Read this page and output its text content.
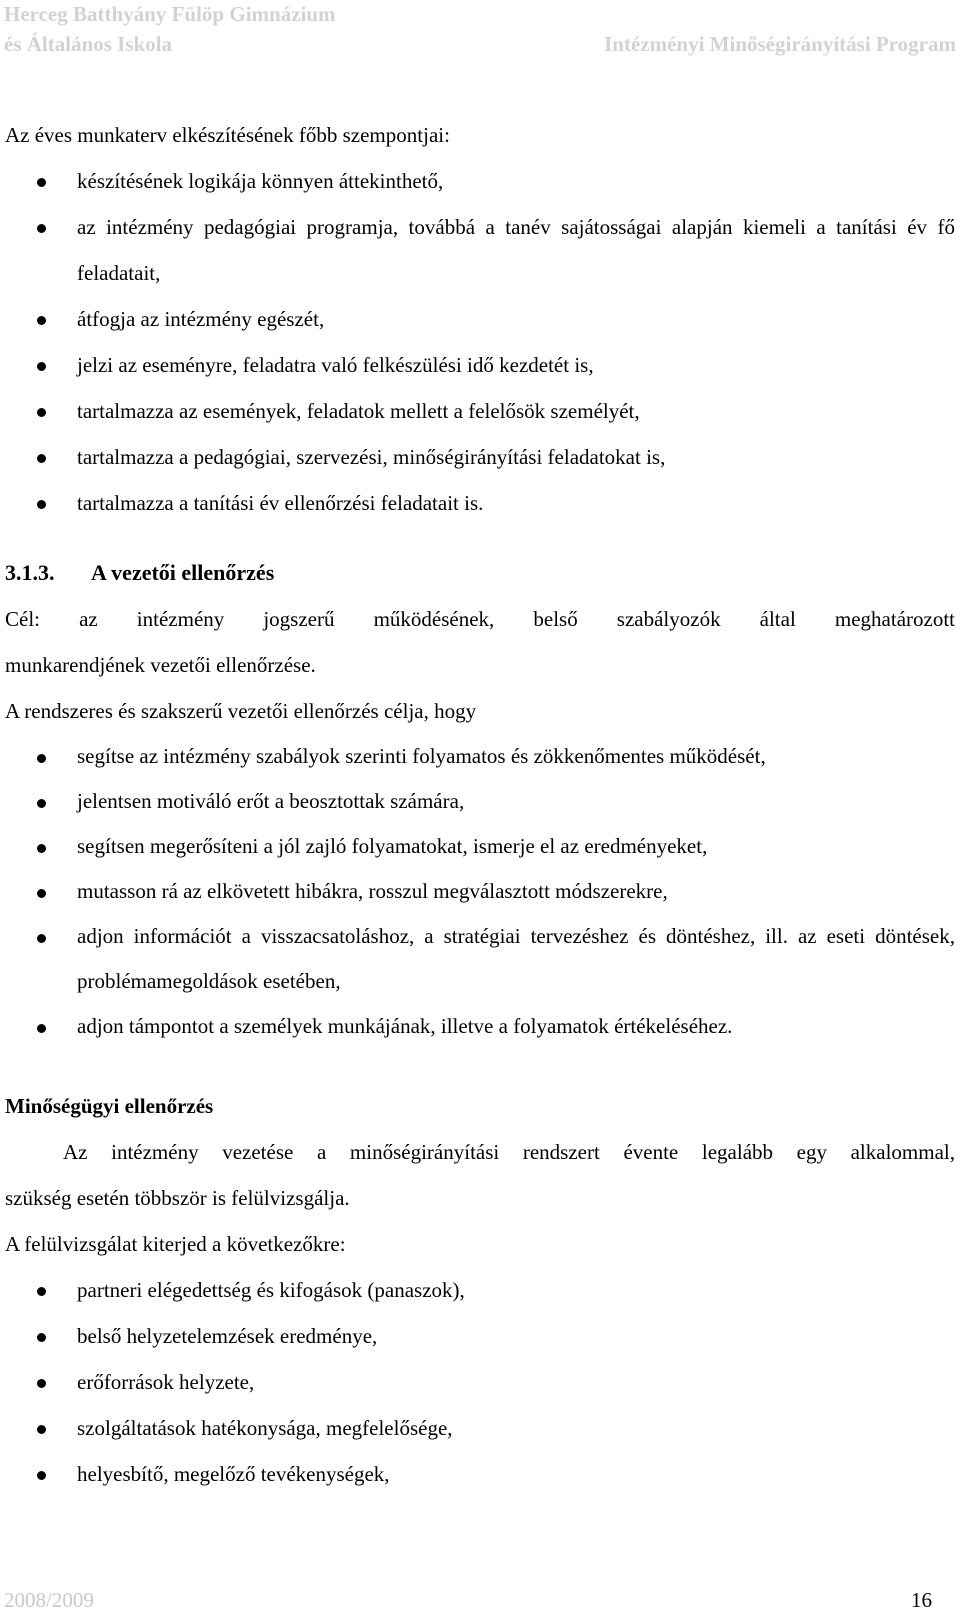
Herceg Batthyány Fülöp Gimnázium
és Általános Iskola	Intézményi Minőségirányítási Program

Az éves munkaterv elkészítésének főbb szempontjai:

készítésének logikája könnyen áttekinthető,
az intézmény pedagógiai programja, továbbá a tanév sajátosságai alapján kiemeli a tanítási év fő feladatait,
átfogja az intézmény egészét,
jelzi az eseményre, feladatra való felkészülési idő kezdetét is,
tartalmazza az események, feladatok mellett a felelősök személyét,
tartalmazza a pedagógiai, szervezési, minőségirányítási feladatokat is,
tartalmazza a tanítási év ellenőrzési feladatait is.
3.1.3. A vezetői ellenőrzés

Cél: az intézmény jogszerű működésének, belső szabályozók által meghatározott

munkarendjének vezetői ellenőrzése.

A rendszeres és szakszerű vezetői ellenőrzés célja, hogy

segítse az intézmény szabályok szerinti folyamatos és zökkenőmentes működését,
jelentsen motiváló erőt a beosztottak számára,
segítsen megerősíteni a jól zajló folyamatokat, ismerje el az eredményeket,
mutasson rá az elkövetett hibákra, rosszul megválasztott módszerekre,
adjon információt a visszacsatoláshoz, a stratégiai tervezéshez és döntéshez, ill. az eseti döntések, problémamegoldások esetében,
adjon támpontot a személyek munkájának, illetve a folyamatok értékeléséhez.
Minőségügyi ellenőrzés

Az intézmény vezetése a minőségirányítási rendszert évente legalább egy alkalommal,

szükség esetén többször is felülvizsgálja.

A felülvizsgálat kiterjed a következőkre:

partneri elégedettség és kifogások (panaszok),
belső helyzetelemzések eredménye,
erőforrások helyzete,
szolgáltatások hatékonysága, megfelelősége,
helyesbítő, megelőző tevékenységek,
2008/2009	16
